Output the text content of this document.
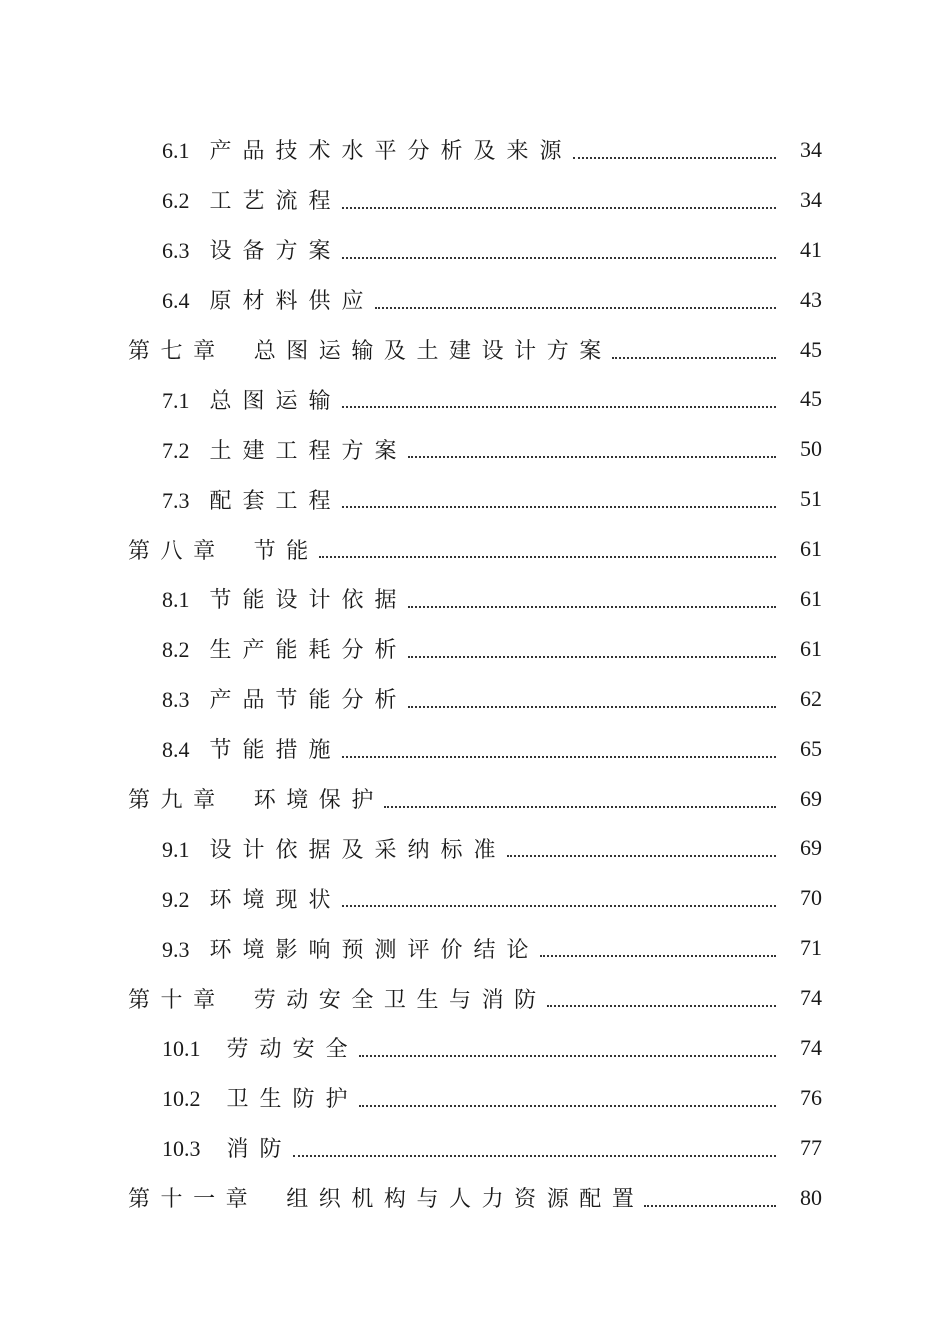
6.1 产品技术水平分析及来源	34
6.2 工艺流程	34
6.3 设备方案	41
6.4 原材料供应	43
第七章 总图运输及土建设计方案	45
7.1 总图运输	45
7.2 土建工程方案	50
7.3 配套工程	51
第八章 节能	61
8.1 节能设计依据	61
8.2 生产能耗分析	61
8.3 产品节能分析	62
8.4 节能措施	65
第九章 环境保护	69
9.1 设计依据及采纳标准	69
9.2 环境现状	70
9.3 环境影响预测评价结论	71
第十章 劳动安全卫生与消防	74
10.1 劳动安全	74
10.2 卫生防护	76
10.3 消防	77
第十一章 组织机构与人力资源配置	80
